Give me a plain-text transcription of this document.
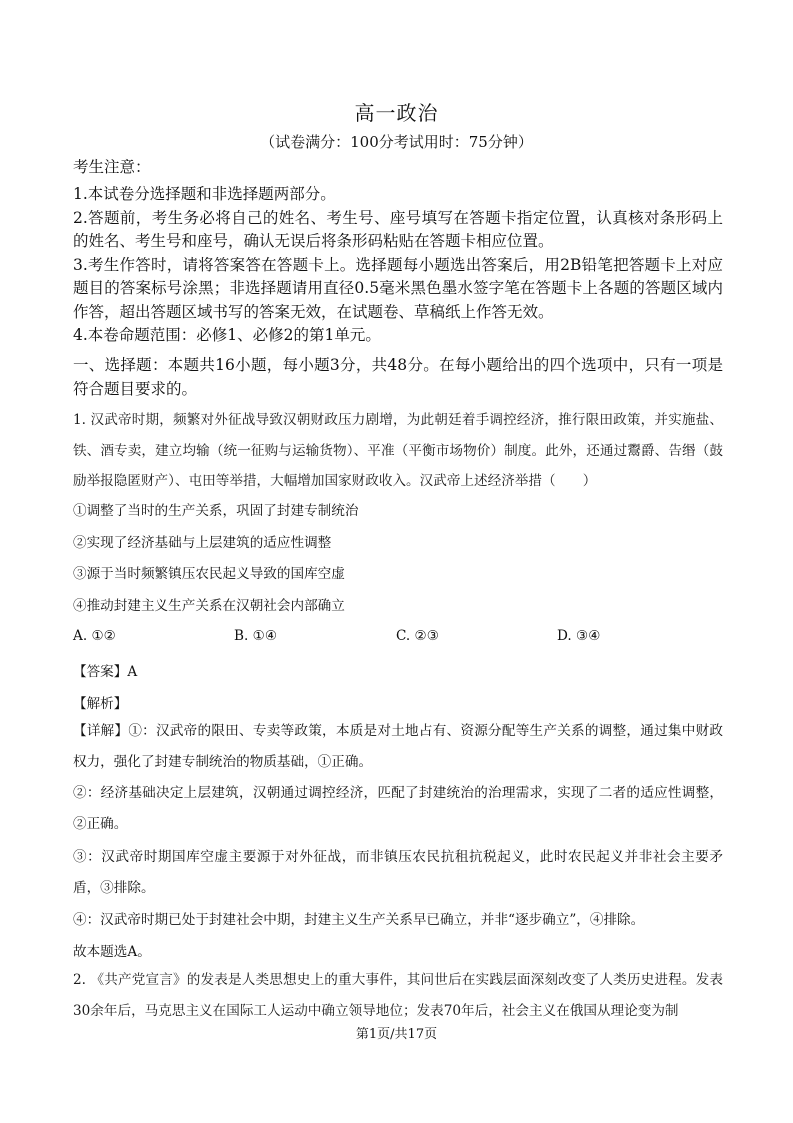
高一政治
（试卷满分：100分考试用时：75分钟）

考生注意：

1.本试卷分选择题和非选择题两部分。

2.答题前，考生务必将自己的姓名、考生号、座号填写在答题卡指定位置，认真核对条形码上的姓名、考生号和座号，确认无误后将条形码粘贴在答题卡相应位置。

3.考生作答时，请将答案答在答题卡上。选择题每小题选出答案后，用2B铅笔把答题卡上对应题目的答案标号涂黑；非选择题请用直径0.5毫米黑色墨水签字笔在答题卡上各题的答题区域内作答，超出答题区域书写的答案无效，在试题卷、草稿纸上作答无效。

4.本卷命题范围：必修1、必修2的第1单元。

一、选择题：本题共16小题，每小题3分，共48分。在每小题给出的四个选项中，只有一项是符合题目要求的。
1. 汉武帝时期，频繁对外征战导致汉朝财政压力剧增，为此朝廷着手调控经济，推行限田政策，并实施盐、铁、酒专卖，建立均输（统一征购与运输货物）、平准（平衡市场物价）制度。此外，还通过鬻爵、告缗（鼓励举报隐匿财产）、屯田等举措，大幅增加国家财政收入。汉武帝上述经济举措（　　）
①调整了当时的生产关系，巩固了封建专制统治
②实现了经济基础与上层建筑的适应性调整
③源于当时频繁镇压农民起义导致的国库空虚
④推动封建主义生产关系在汉朝社会内部确立
A. ①②	B. ①④	C. ②③	D. ③④
【答案】A
【解析】
【详解】①：汉武帝的限田、专卖等政策，本质是对土地占有、资源分配等生产关系的调整，通过集中财政权力，强化了封建专制统治的物质基础，①正确。
②：经济基础决定上层建筑，汉朝通过调控经济，匹配了封建统治的治理需求，实现了二者的适应性调整，②正确。
③：汉武帝时期国库空虚主要源于对外征战，而非镇压农民抗租抗税起义，此时农民起义并非社会主要矛盾，③排除。
④：汉武帝时期已处于封建社会中期，封建主义生产关系早已确立，并非“逐步确立”，④排除。
故本题选A。
2. 《共产党宣言》的发表是人类思想史上的重大事件，其问世后在实践层面深刻改变了人类历史进程。发表30余年后，马克思主义在国际工人运动中确立领导地位；发表70年后，社会主义在俄国从理论变为制
第1页/共17页
